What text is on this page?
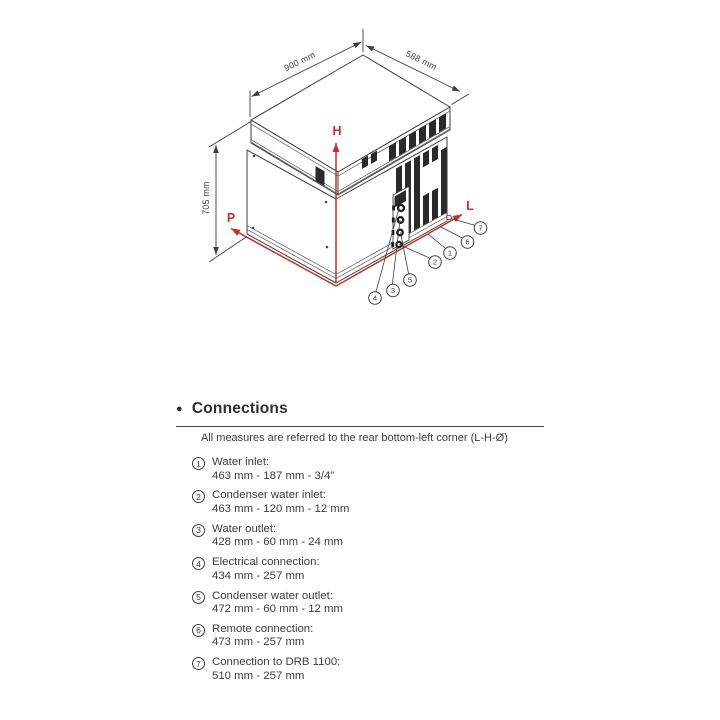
H
P
L
705 mm
900 mm	588 mm
1
2
3
4
5
6
7
● Connections
All measures are referred to the rear bottom-left corner (L-H-Ø)
1 Water inlet:
463 mm - 187 mm - 3/4”
2 Condenser water inlet:
463 mm - 120 mm - 12 mm
3 Water outlet:
428 mm - 60 mm - 24 mm
4 Electrical connection:
434 mm - 257 mm
5 Condenser water outlet:
472 mm - 60 mm - 12 mm
6 Remote connection:
473 mm - 257 mm
7 Connection to DRB 1100:
510 mm - 257 mm
